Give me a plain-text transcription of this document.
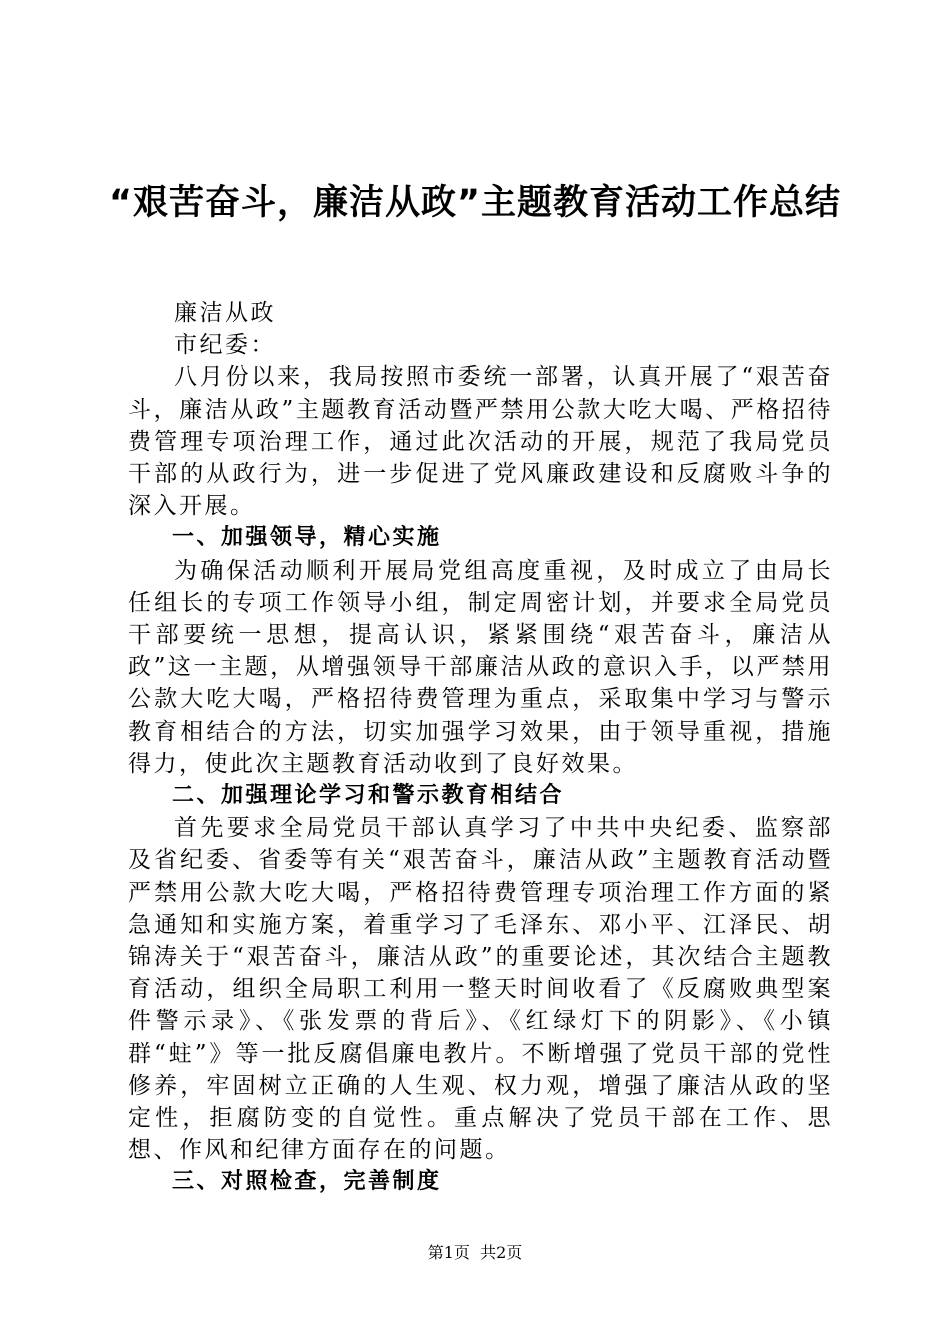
“艰苦奋斗，廉洁从政”主题教育活动工作总结

廉洁从政

市纪委：

八月份以来，我局按照市委统一部署，认真开展了“艰苦奋斗，廉洁从政”主题教育活动暨严禁用公款大吃大喝、严格招待费管理专项治理工作，通过此次活动的开展，规范了我局党员干部的从政行为，进一步促进了党风廉政建设和反腐败斗争的深入开展。

一、加强领导，精心实施

为确保活动顺利开展局党组高度重视，及时成立了由局长任组长的专项工作领导小组，制定周密计划，并要求全局党员干部要统一思想，提高认识，紧紧围绕“艰苦奋斗，廉洁从政”这一主题，从增强领导干部廉洁从政的意识入手，以严禁用公款大吃大喝，严格招待费管理为重点，采取集中学习与警示教育相结合的方法，切实加强学习效果，由于领导重视，措施得力，使此次主题教育活动收到了良好效果。

二、加强理论学习和警示教育相结合

首先要求全局党员干部认真学习了中共中央纪委、监察部及省纪委、省委等有关“艰苦奋斗，廉洁从政”主题教育活动暨严禁用公款大吃大喝，严格招待费管理专项治理工作方面的紧急通知和实施方案，着重学习了毛泽东、邓小平、江泽民、胡锦涛关于“艰苦奋斗，廉洁从政”的重要论述，其次结合主题教育活动，组织全局职工利用一整天时间收看了《反腐败典型案件警示录》、《张发票的背后》、《红绿灯下的阴影》、《小镇群“蛀”》等一批反腐倡廉电教片。不断增强了党员干部的党性修养，牢固树立正确的人生观、权力观，增强了廉洁从政的坚定性，拒腐防变的自觉性。重点解决了党员干部在工作、思想、作风和纪律方面存在的问题。

三、对照检查，完善制度

第1页 共2页
